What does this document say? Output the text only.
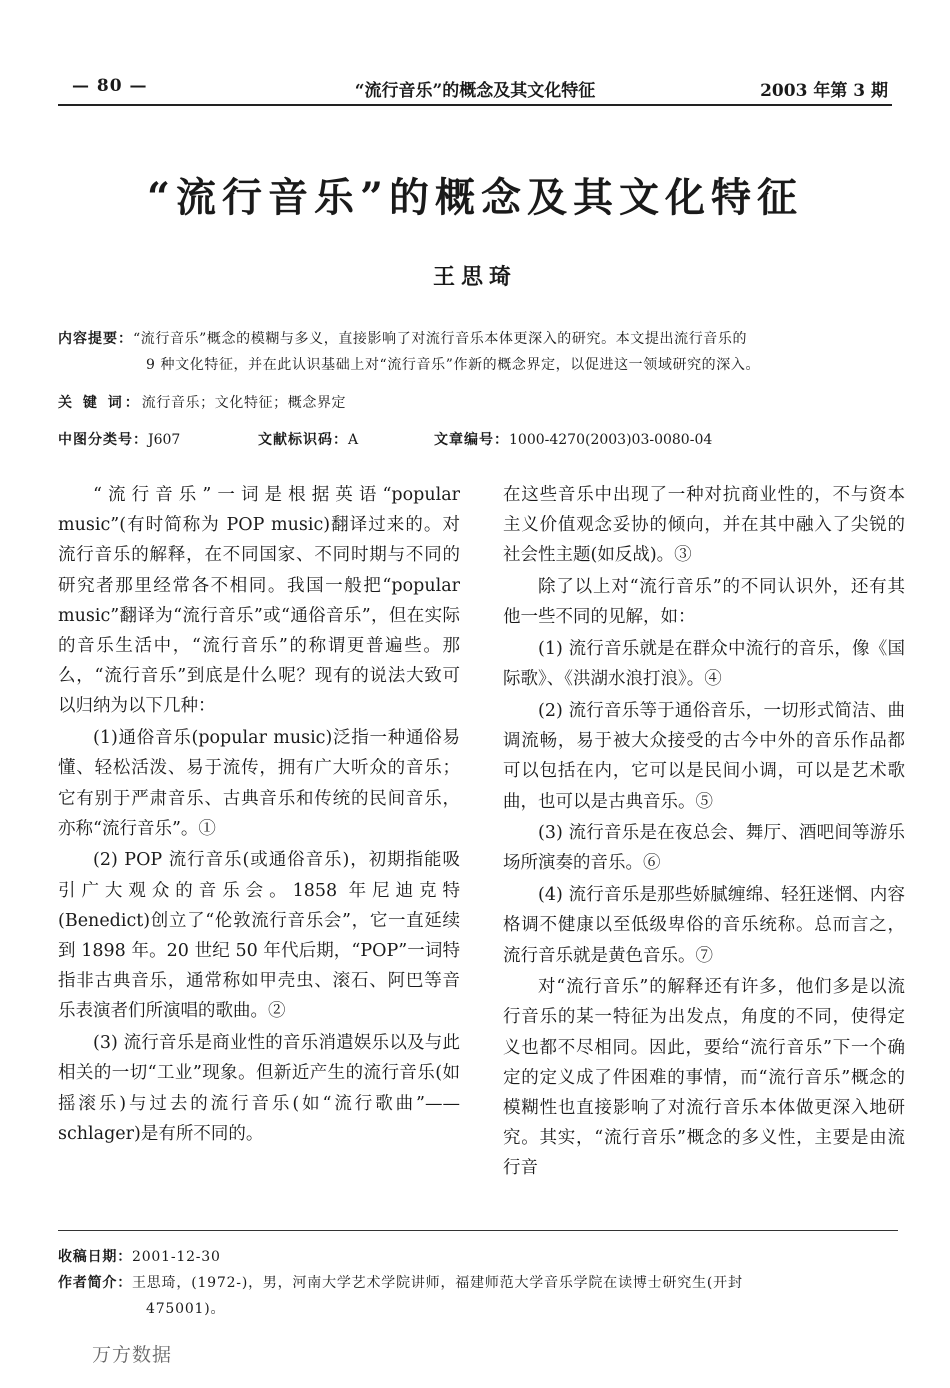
— 80 —	“流行音乐”的概念及其文化特征	2003 年第 3 期
“流行音乐”的概念及其文化特征
王思琦
内容提要：“流行音乐”概念的模糊与多义，直接影响了对流行音乐本体更深入的研究。本文提出流行音乐的
9 种文化特征，并在此认识基础上对“流行音乐”作新的概念界定，以促进这一领域研究的深入。
关 键 词：流行音乐；文化特征；概念界定
中图分类号：J607	文献标识码：A	文章编号：1000-4270(2003)03-0080-04

“流行音乐”一词是根据英语“popular music”(有时简称为 POP music)翻译过来的。对流行音乐的解释，在不同国家、不同时期与不同的研究者那里经常各不相同。我国一般把“popular music”翻译为“流行音乐”或“通俗音乐”，但在实际的音乐生活中，“流行音乐”的称谓更普遍些。那么，“流行音乐”到底是什么呢？现有的说法大致可以归纳为以下几种：

(1)通俗音乐(popular music)泛指一种通俗易懂、轻松活泼、易于流传，拥有广大听众的音乐；它有别于严肃音乐、古典音乐和传统的民间音乐，亦称“流行音乐”。①

(2) POP 流行音乐(或通俗音乐)，初期指能吸引广大观众的音乐会。1858 年尼迪克特(Benedict)创立了“伦敦流行音乐会”，它一直延续到 1898 年。20 世纪 50 年代后期，“POP”一词特指非古典音乐，通常称如甲壳虫、滚石、阿巴等音乐表演者们所演唱的歌曲。②

(3) 流行音乐是商业性的音乐消遣娱乐以及与此相关的一切“工业”现象。但新近产生的流行音乐(如摇滚乐)与过去的流行音乐(如“流行歌曲”——schlager)是有所不同的。

在这些音乐中出现了一种对抗商业性的，不与资本主义价值观念妥协的倾向，并在其中融入了尖锐的社会性主题(如反战)。③

除了以上对“流行音乐”的不同认识外，还有其他一些不同的见解，如：

(1) 流行音乐就是在群众中流行的音乐，像《国际歌》、《洪湖水浪打浪》。④

(2) 流行音乐等于通俗音乐，一切形式简洁、曲调流畅，易于被大众接受的古今中外的音乐作品都可以包括在内，它可以是民间小调，可以是艺术歌曲，也可以是古典音乐。⑤

(3) 流行音乐是在夜总会、舞厅、酒吧间等游乐场所演奏的音乐。⑥

(4) 流行音乐是那些娇腻缠绵、轻狂迷惘、内容格调不健康以至低级卑俗的音乐统称。总而言之，流行音乐就是黄色音乐。⑦

对“流行音乐”的解释还有许多，他们多是以流行音乐的某一特征为出发点，角度的不同，使得定义也都不尽相同。因此，要给“流行音乐”下一个确定的定义成了件困难的事情，而“流行音乐”概念的模糊性也直接影响了对流行音乐本体做更深入地研究。其实，“流行音乐”概念的多义性，主要是由流行音

收稿日期：2001-12-30
作者简介：王思琦，(1972-)，男，河南大学艺术学院讲师，福建师范大学音乐学院在读博士研究生(开封
475001)。
万方数据
